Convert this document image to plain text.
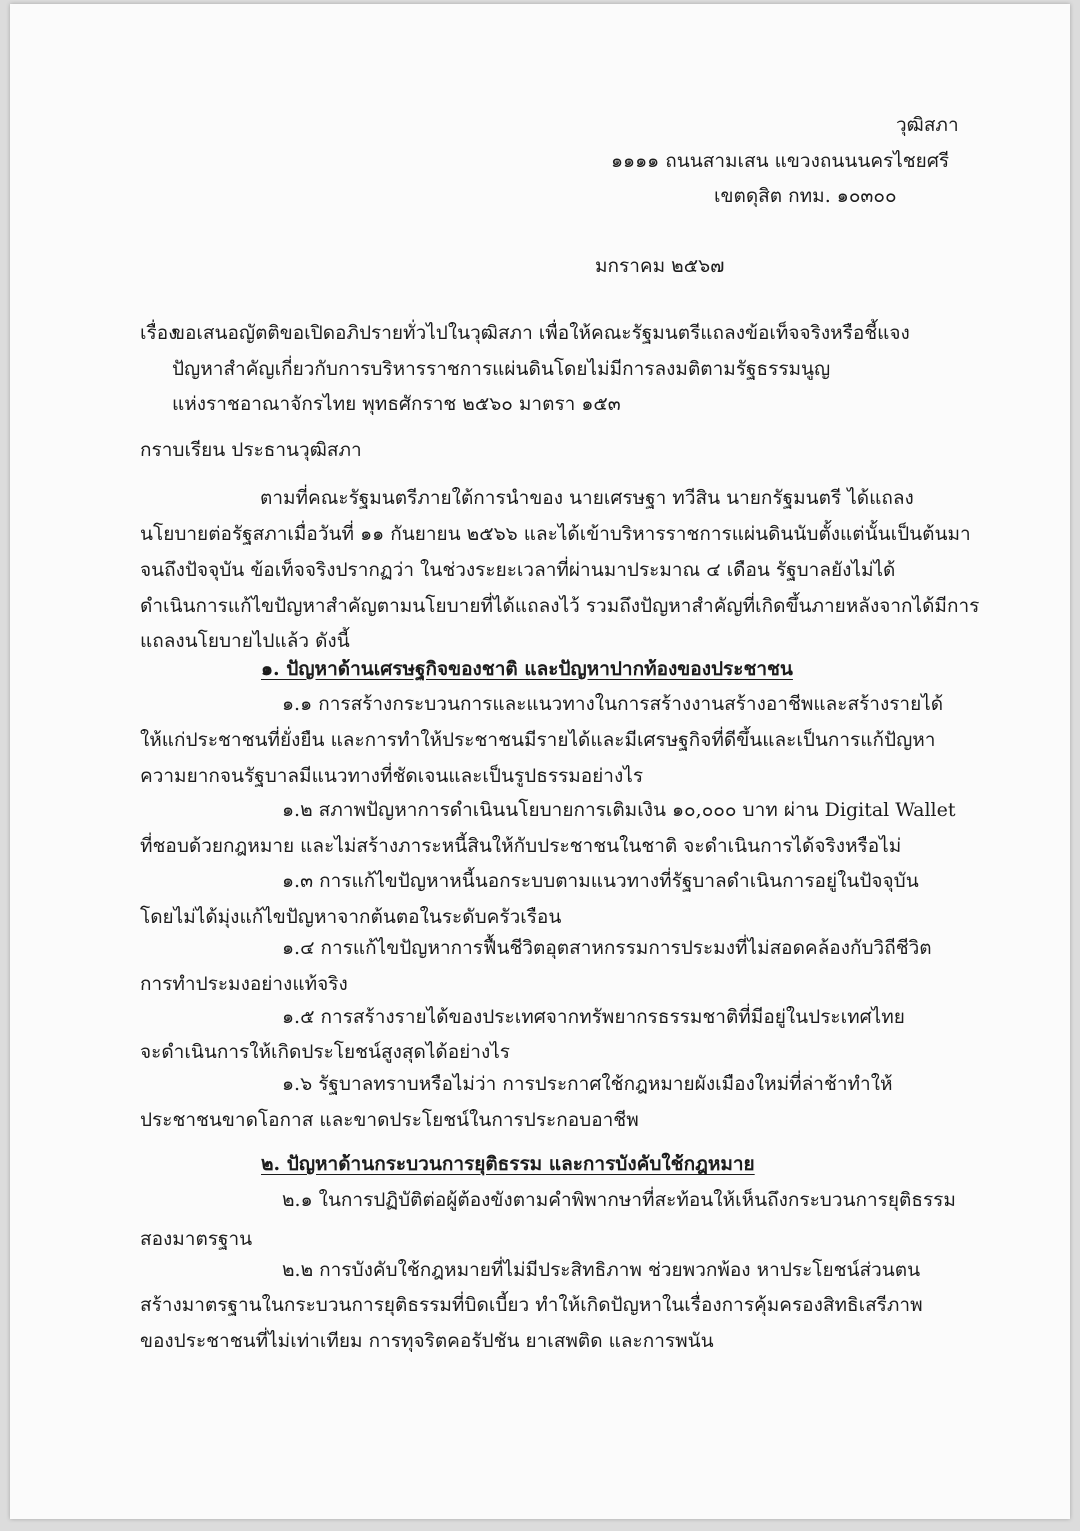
วุฒิสภา
๑๑๑๑ ถนนสามเสน แขวงถนนนครไชยศรี
เขตดุสิต กทม. ๑๐๓๐๐
มกราคม ๒๕๖๗
เรื่อง
ขอเสนอญัตติขอเปิดอภิปรายทั่วไปในวุฒิสภา เพื่อให้คณะรัฐมนตรีแถลงข้อเท็จจริงหรือชี้แจง
ปัญหาสำคัญเกี่ยวกับการบริหารราชการแผ่นดินโดยไม่มีการลงมติตามรัฐธรรมนูญ
แห่งราชอาณาจักรไทย พุทธศักราช ๒๕๖๐ มาตรา ๑๕๓
กราบเรียน ประธานวุฒิสภา
ตามที่คณะรัฐมนตรีภายใต้การนำของ นายเศรษฐา ทวีสิน นายกรัฐมนตรี ได้แถลง
นโยบายต่อรัฐสภาเมื่อวันที่ ๑๑ กันยายน ๒๕๖๖ และได้เข้าบริหารราชการแผ่นดินนับตั้งแต่นั้นเป็นต้นมา
จนถึงปัจจุบัน ข้อเท็จจริงปรากฏว่า ในช่วงระยะเวลาที่ผ่านมาประมาณ ๔ เดือน รัฐบาลยังไม่ได้
ดำเนินการแก้ไขปัญหาสำคัญตามนโยบายที่ได้แถลงไว้ รวมถึงปัญหาสำคัญที่เกิดขึ้นภายหลังจากได้มีการ
แถลงนโยบายไปแล้ว ดังนี้
๑. ปัญหาด้านเศรษฐกิจของชาติ และปัญหาปากท้องของประชาชน
๑.๑ การสร้างกระบวนการและแนวทางในการสร้างงานสร้างอาชีพและสร้างรายได้
ให้แก่ประชาชนที่ยั่งยืน และการทำให้ประชาชนมีรายได้และมีเศรษฐกิจที่ดีขึ้นและเป็นการแก้ปัญหา
ความยากจนรัฐบาลมีแนวทางที่ชัดเจนและเป็นรูปธรรมอย่างไร
๑.๒ สภาพปัญหาการดำเนินนโยบายการเติมเงิน ๑๐,๐๐๐ บาท ผ่าน Digital Wallet
ที่ชอบด้วยกฎหมาย และไม่สร้างภาระหนี้สินให้กับประชาชนในชาติ จะดำเนินการได้จริงหรือไม่
๑.๓ การแก้ไขปัญหาหนี้นอกระบบตามแนวทางที่รัฐบาลดำเนินการอยู่ในปัจจุบัน
โดยไม่ได้มุ่งแก้ไขปัญหาจากต้นตอในระดับครัวเรือน
๑.๔ การแก้ไขปัญหาการฟื้นชีวิตอุตสาหกรรมการประมงที่ไม่สอดคล้องกับวิถีชีวิต
การทำประมงอย่างแท้จริง
๑.๕ การสร้างรายได้ของประเทศจากทรัพยากรธรรมชาติที่มีอยู่ในประเทศไทย
จะดำเนินการให้เกิดประโยชน์สูงสุดได้อย่างไร
๑.๖ รัฐบาลทราบหรือไม่ว่า การประกาศใช้กฎหมายผังเมืองใหม่ที่ล่าช้าทำให้
ประชาชนขาดโอกาส และขาดประโยชน์ในการประกอบอาชีพ
๒. ปัญหาด้านกระบวนการยุติธรรม และการบังคับใช้กฎหมาย
๒.๑ ในการปฏิบัติต่อผู้ต้องขังตามคำพิพากษาที่สะท้อนให้เห็นถึงกระบวนการยุติธรรม
สองมาตรฐาน
๒.๒ การบังคับใช้กฎหมายที่ไม่มีประสิทธิภาพ ช่วยพวกพ้อง หาประโยชน์ส่วนตน
สร้างมาตรฐานในกระบวนการยุติธรรมที่บิดเบี้ยว ทำให้เกิดปัญหาในเรื่องการคุ้มครองสิทธิเสรีภาพ
ของประชาชนที่ไม่เท่าเทียม การทุจริตคอรัปชัน ยาเสพติด และการพนัน
